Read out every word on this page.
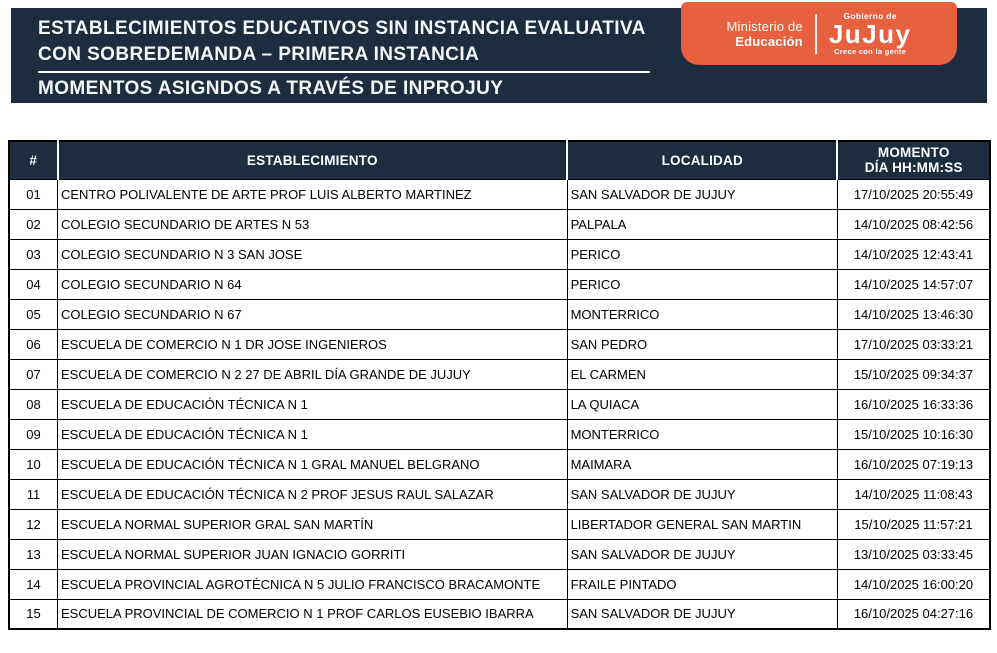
ESTABLECIMIENTOS EDUCATIVOS SIN INSTANCIA EVALUATIVA
CON SOBREDEMANDA – PRIMERA INSTANCIA
MOMENTOS ASIGNDOS A TRAVÉS DE INPROJUY
Ministerio de
Educación
Gobierno de
JuJuy
Crece con la gente
#	ESTABLECIMIENTO	LOCALIDAD	MOMENTO
DÍA HH:MM:SS

01	CENTRO POLIVALENTE DE ARTE PROF LUIS ALBERTO MARTINEZ	SAN SALVADOR DE JUJUY	17/10/2025 20:55:49
02	COLEGIO SECUNDARIO DE ARTES N 53	PALPALA	14/10/2025 08:42:56
03	COLEGIO SECUNDARIO N 3 SAN JOSE	PERICO	14/10/2025 12:43:41
04	COLEGIO SECUNDARIO N 64	PERICO	14/10/2025 14:57:07
05	COLEGIO SECUNDARIO N 67	MONTERRICO	14/10/2025 13:46:30
06	ESCUELA DE COMERCIO N 1 DR JOSE INGENIEROS	SAN PEDRO	17/10/2025 03:33:21
07	ESCUELA DE COMERCIO N 2 27 DE ABRIL DÍA GRANDE DE JUJUY	EL CARMEN	15/10/2025 09:34:37
08	ESCUELA DE EDUCACIÓN TÉCNICA N 1	LA QUIACA	16/10/2025 16:33:36
09	ESCUELA DE EDUCACIÓN TÉCNICA N 1	MONTERRICO	15/10/2025 10:16:30
10	ESCUELA DE EDUCACIÓN TÉCNICA N 1 GRAL MANUEL BELGRANO	MAIMARA	16/10/2025 07:19:13
11	ESCUELA DE EDUCACIÓN TÉCNICA N 2 PROF JESUS RAUL SALAZAR	SAN SALVADOR DE JUJUY	14/10/2025 11:08:43
12	ESCUELA NORMAL SUPERIOR GRAL SAN MARTÍN	LIBERTADOR GENERAL SAN MARTIN	15/10/2025 11:57:21
13	ESCUELA NORMAL SUPERIOR JUAN IGNACIO GORRITI	SAN SALVADOR DE JUJUY	13/10/2025 03:33:45
14	ESCUELA PROVINCIAL AGROTÉCNICA N 5 JULIO FRANCISCO BRACAMONTE	FRAILE PINTADO	14/10/2025 16:00:20
15	ESCUELA PROVINCIAL DE COMERCIO N 1 PROF CARLOS EUSEBIO IBARRA	SAN SALVADOR DE JUJUY	16/10/2025 04:27:16
